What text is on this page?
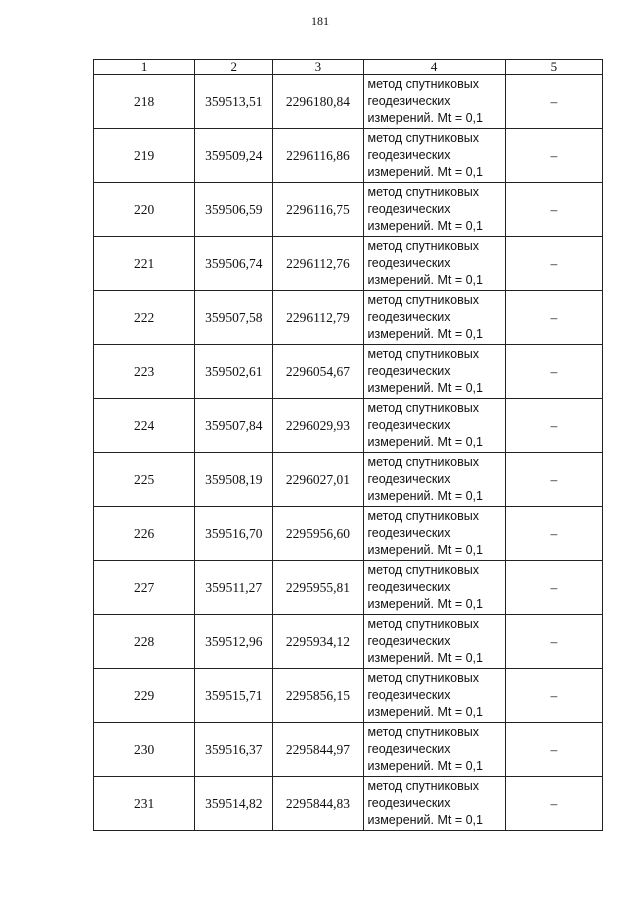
181
1	2	3	4	5
218	359513,51	2296180,84	метод спутниковых
геодезических
измерений. Mt = 0,1	–
219	359509,24	2296116,86	метод спутниковых
геодезических
измерений. Mt = 0,1	–
220	359506,59	2296116,75	метод спутниковых
геодезических
измерений. Mt = 0,1	–
221	359506,74	2296112,76	метод спутниковых
геодезических
измерений. Mt = 0,1	–
222	359507,58	2296112,79	метод спутниковых
геодезических
измерений. Mt = 0,1	–
223	359502,61	2296054,67	метод спутниковых
геодезических
измерений. Mt = 0,1	–
224	359507,84	2296029,93	метод спутниковых
геодезических
измерений. Mt = 0,1	–
225	359508,19	2296027,01	метод спутниковых
геодезических
измерений. Mt = 0,1	–
226	359516,70	2295956,60	метод спутниковых
геодезических
измерений. Mt = 0,1	–
227	359511,27	2295955,81	метод спутниковых
геодезических
измерений. Mt = 0,1	–
228	359512,96	2295934,12	метод спутниковых
геодезических
измерений. Mt = 0,1	–
229	359515,71	2295856,15	метод спутниковых
геодезических
измерений. Mt = 0,1	–
230	359516,37	2295844,97	метод спутниковых
геодезических
измерений. Mt = 0,1	–
231	359514,82	2295844,83	метод спутниковых
геодезических
измерений. Mt = 0,1	–
